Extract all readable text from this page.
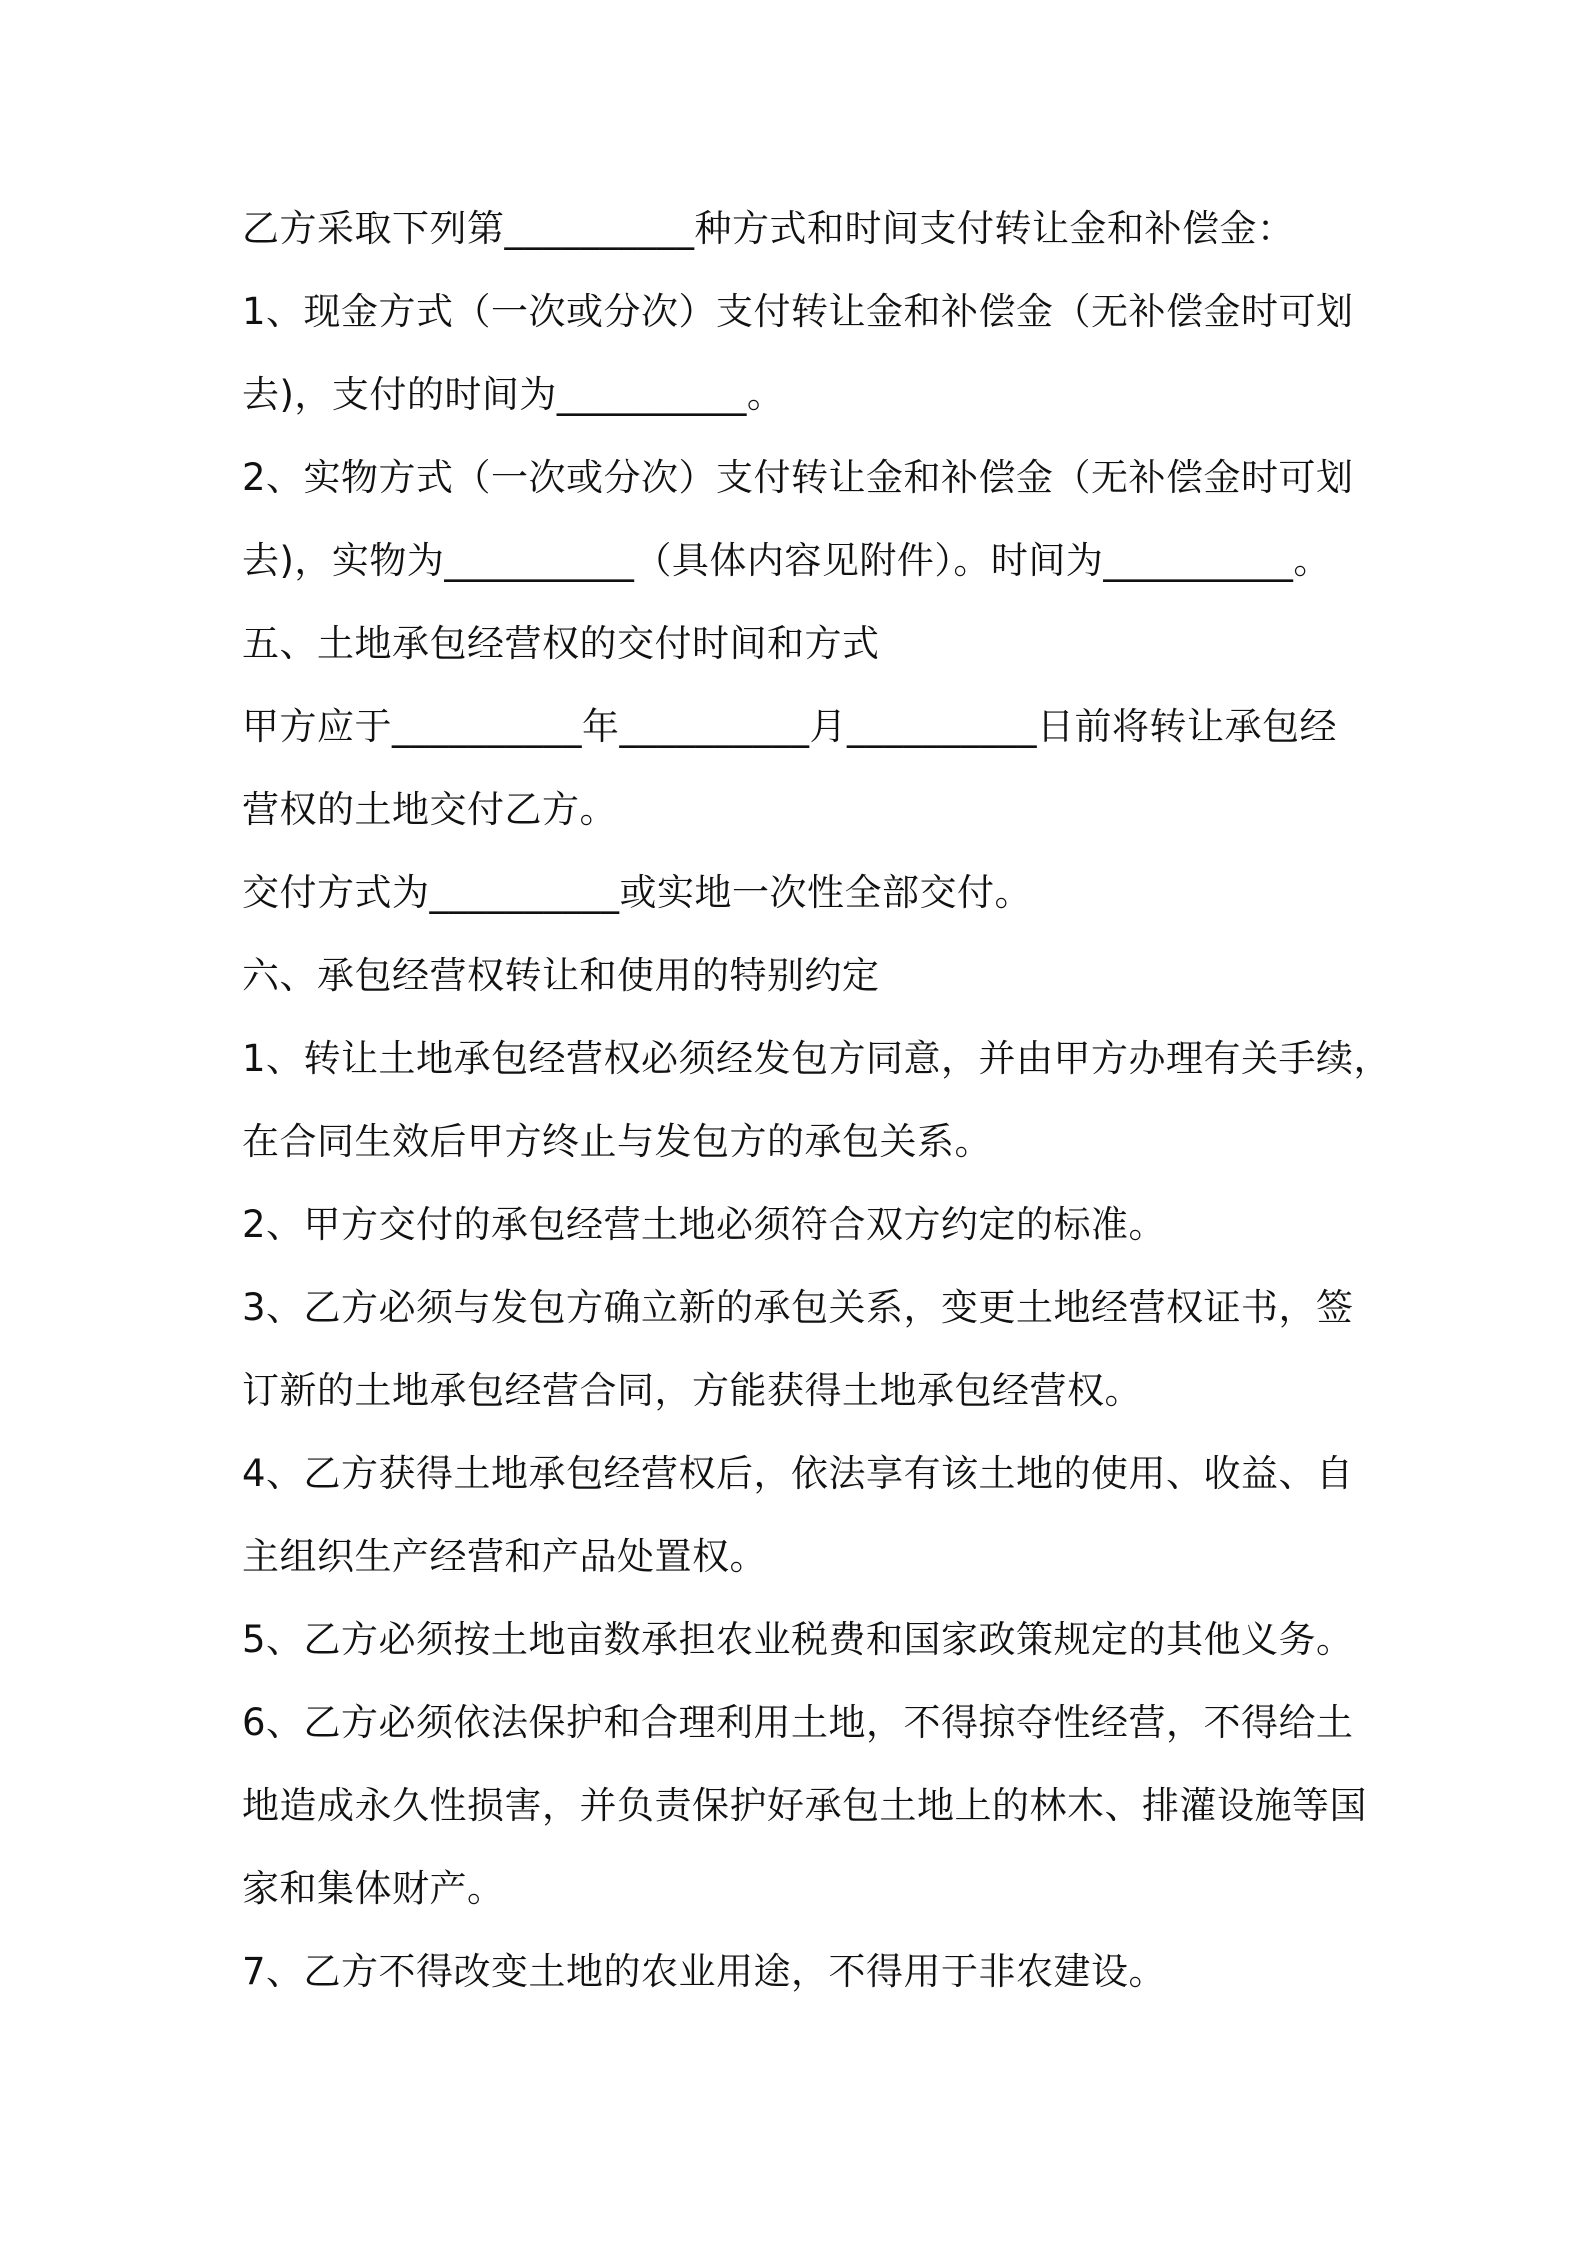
乙方采取下列第__________种方式和时间支付转让金和补偿金：
1、现金方式（一次或分次）支付转让金和补偿金（无补偿金时可划
去)，支付的时间为__________。
2、实物方式（一次或分次）支付转让金和补偿金（无补偿金时可划
去)，实物为__________（具体内容见附件）。时间为__________。
五、土地承包经营权的交付时间和方式
甲方应于__________年__________月__________日前将转让承包经
营权的土地交付乙方。
交付方式为__________或实地一次性全部交付。
六、承包经营权转让和使用的特别约定
1、转让土地承包经营权必须经发包方同意，并由甲方办理有关手续，
在合同生效后甲方终止与发包方的承包关系。
2、甲方交付的承包经营土地必须符合双方约定的标准。
3、乙方必须与发包方确立新的承包关系，变更土地经营权证书，签
订新的土地承包经营合同，方能获得土地承包经营权。
4、乙方获得土地承包经营权后，依法享有该土地的使用、收益、自
主组织生产经营和产品处置权。
5、乙方必须按土地亩数承担农业税费和国家政策规定的其他义务。
6、乙方必须依法保护和合理利用土地，不得掠夺性经营，不得给土
地造成永久性损害，并负责保护好承包土地上的林木、排灌设施等国
家和集体财产。
7、乙方不得改变土地的农业用途，不得用于非农建设。
